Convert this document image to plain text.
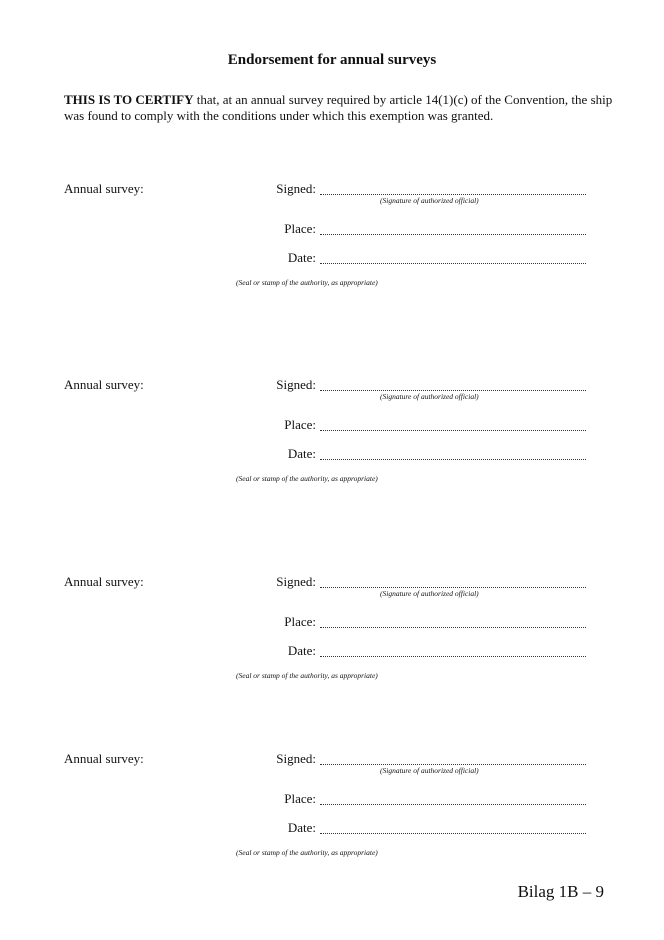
Endorsement for annual surveys
THIS IS TO CERTIFY that, at an annual survey required by article 14(1)(c) of the Convention, the ship was found to comply with the conditions under which this exemption was granted.
Annual survey:	Signed:
(Signature of authorized official)
Place:
Date:
(Seal or stamp of the authority, as appropriate)
Annual survey:	Signed:
(Signature of authorized official)
Place:
Date:
(Seal or stamp of the authority, as appropriate)
Annual survey:	Signed:
(Signature of authorized official)
Place:
Date:
(Seal or stamp of the authority, as appropriate)
Annual survey:	Signed:
(Signature of authorized official)
Place:
Date:
(Seal or stamp of the authority, as appropriate)
Bilag 1B – 9
